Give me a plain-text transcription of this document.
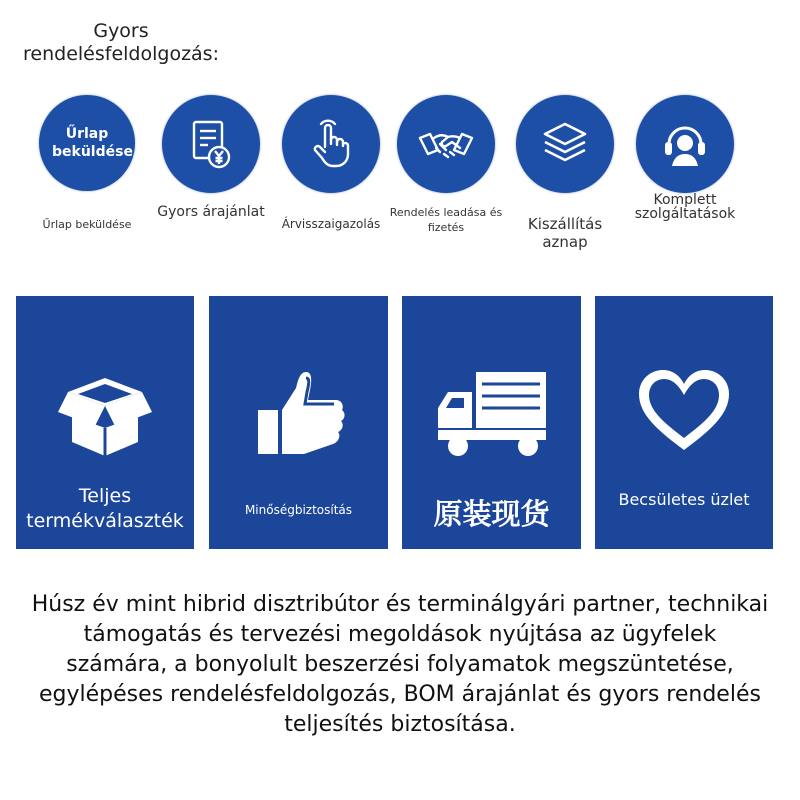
Gyors rendelésfeldolgozás:
Űrlap beküldése
Űrlap beküldése
Gyors árajánlat
Árvisszaigazolás
Rendelés leadása és fizetés	Kiszállítás aznap
Komplett szolgáltatások
Teljes termékválaszték	Minőségbiztosítás	原装现货	Becsületes üzlet
Húsz év mint hibrid disztribútor és terminálgyári partner, technikai támogatás és tervezési megoldások nyújtása az ügyfelek számára, a bonyolult beszerzési folyamatok megszüntetése, egylépéses rendelésfeldolgozás, BOM árajánlat és gyors rendelés teljesítés biztosítása.
